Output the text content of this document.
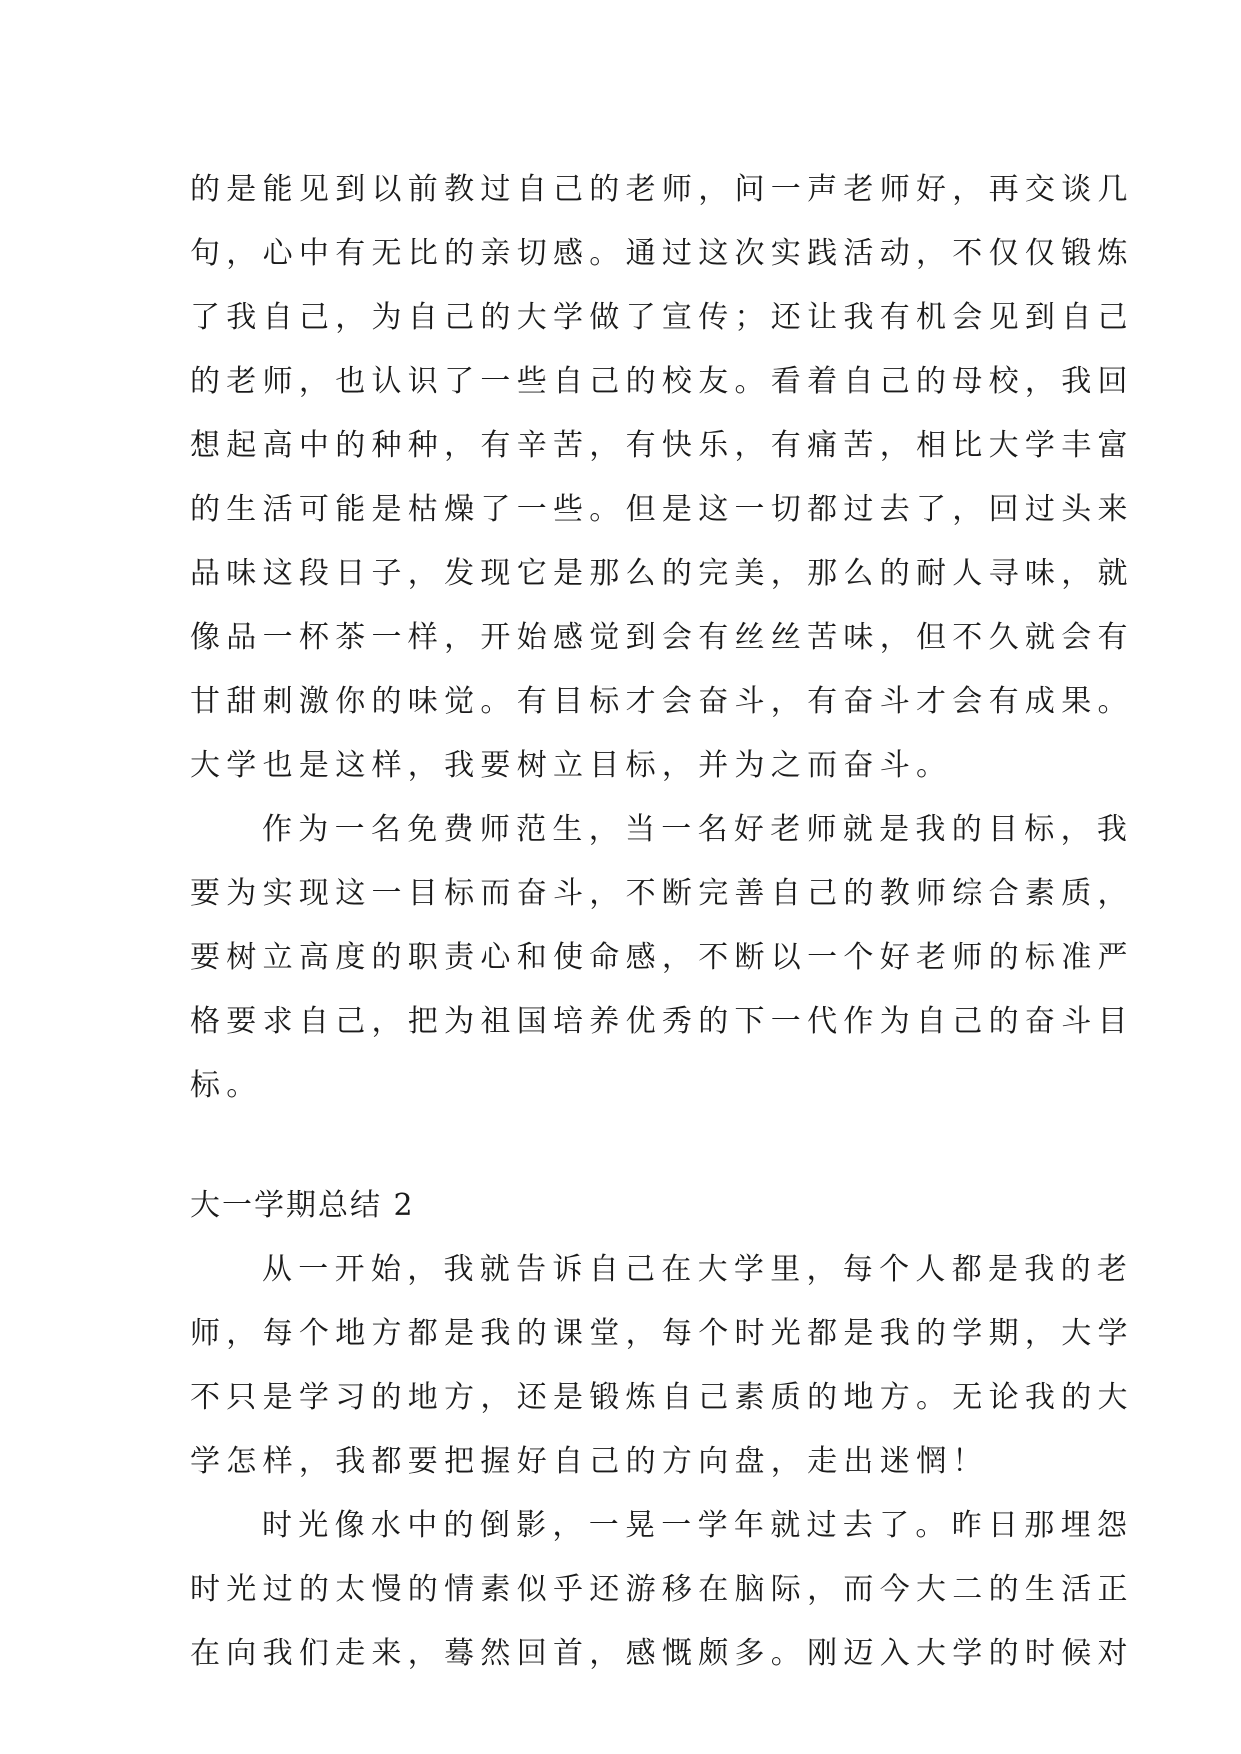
的是能见到以前教过自己的老师，问一声老师好，再交谈几
句，心中有无比的亲切感。通过这次实践活动，不仅仅锻炼
了我自己，为自己的大学做了宣传；还让我有机会见到自己
的老师，也认识了一些自己的校友。看着自己的母校，我回
想起高中的种种，有辛苦，有快乐，有痛苦，相比大学丰富
的生活可能是枯燥了一些。但是这一切都过去了，回过头来
品味这段日子，发现它是那么的完美，那么的耐人寻味，就
像品一杯茶一样，开始感觉到会有丝丝苦味，但不久就会有
甘甜刺激你的味觉。有目标才会奋斗，有奋斗才会有成果。
大学也是这样，我要树立目标，并为之而奋斗。
作为一名免费师范生，当一名好老师就是我的目标，我
要为实现这一目标而奋斗，不断完善自己的教师综合素质，
要树立高度的职责心和使命感，不断以一个好老师的标准严
格要求自己，把为祖国培养优秀的下一代作为自己的奋斗目
标。
大一学期总结 2
从一开始，我就告诉自己在大学里，每个人都是我的老
师，每个地方都是我的课堂，每个时光都是我的学期，大学
不只是学习的地方，还是锻炼自己素质的地方。无论我的大
学怎样，我都要把握好自己的方向盘，走出迷惘！
时光像水中的倒影，一晃一学年就过去了。昨日那埋怨
时光过的太慢的情素似乎还游移在脑际，而今大二的生活正
在向我们走来，蓦然回首，感慨颇多。刚迈入大学的时候对
